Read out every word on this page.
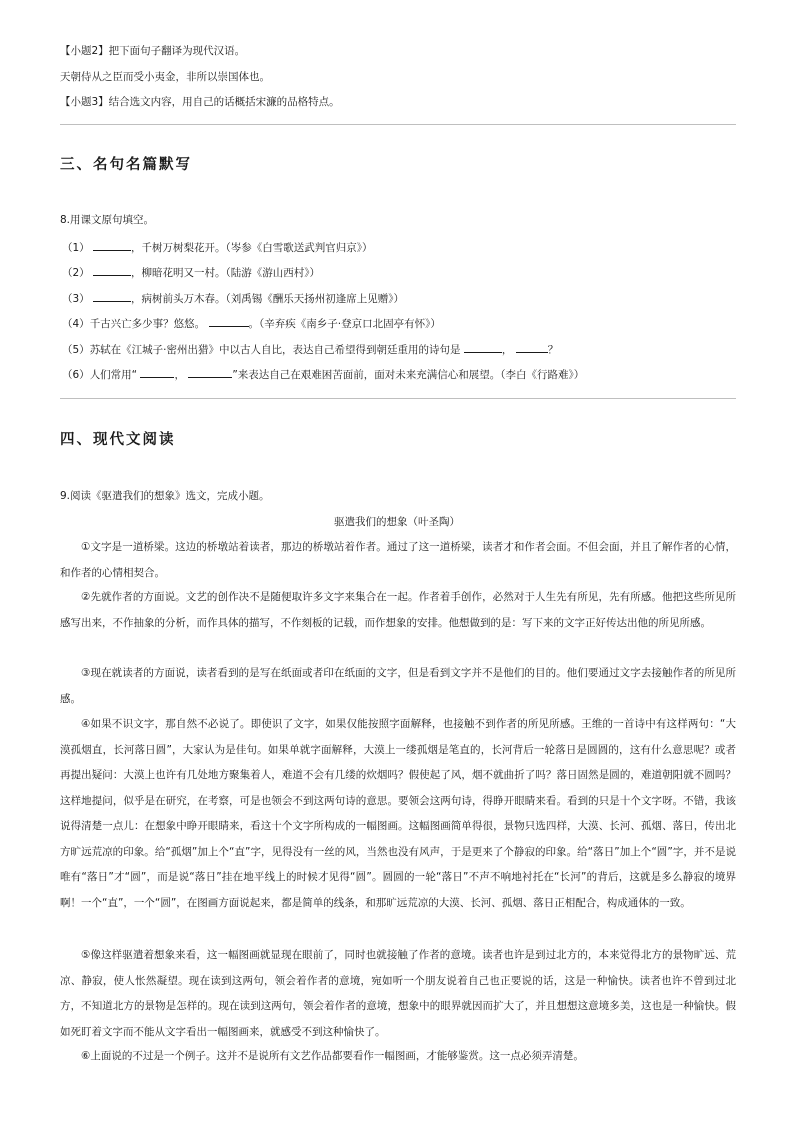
【小题2】把下面句子翻译为现代汉语。
天朝侍从之臣而受小夷金，非所以崇国体也。
【小题3】结合选文内容，用自己的话概括宋濂的品格特点。
三、名句名篇默写
8.用课文原句填空。
（1）	，千树万树梨花开。（岑参《白雪歌送武判官归京》）
（2）	，柳暗花明又一村。（陆游《游山西村》）
（3）	，病树前头万木春。（刘禹锡《酬乐天扬州初逢席上见赠》）
（4）千古兴亡多少事？悠悠。	。（辛弃疾《南乡子·登京口北固亭有怀》）
（5）苏轼在《江城子·密州出猎》中以古人自比，表达自己希望得到朝廷重用的诗句是	，	？
（6）人们常用“	，	”来表达自己在艰难困苦面前，面对未来充满信心和展望。（李白《行路难》）
四、现代文阅读
9.阅读《驱遣我们的想象》选文，完成小题。
驱遣我们的想象（叶圣陶）
①文字是一道桥梁。这边的桥墩站着读者，那边的桥墩站着作者。通过了这一道桥梁，读者才和作者会面。不但会面，并且了解作者的心情，和作者的心情相契合。
②先就作者的方面说。文艺的创作决不是随便取许多文字来集合在一起。作者着手创作，必然对于人生先有所见，先有所感。他把这些所见所感写出来，不作抽象的分析，而作具体的描写，不作刻板的记载，而作想象的安排。他想做到的是：写下来的文字正好传达出他的所见所感。
③现在就读者的方面说，读者看到的是写在纸面或者印在纸面的文字，但是看到文字并不是他们的目的。他们要通过文字去接触作者的所见所感。
④如果不识文字，那自然不必说了。即使识了文字，如果仅能按照字面解释，也接触不到作者的所见所感。王维的一首诗中有这样两句：“大漠孤烟直，长河落日圆”，大家认为是佳句。如果单就字面解释，大漠上一缕孤烟是笔直的，长河背后一轮落日是圆圆的，这有什么意思呢？或者再提出疑问：大漠上也许有几处地方聚集着人，难道不会有几缕的炊烟吗？假使起了风，烟不就曲折了吗？落日固然是圆的，难道朝阳就不圆吗？这样地提问，似乎是在研究，在考察，可是也领会不到这两句诗的意思。要领会这两句诗，得睁开眼睛来看。看到的只是十个文字呀。不错，我该说得清楚一点儿：在想象中睁开眼睛来，看这十个文字所构成的一幅图画。这幅图画简单得很，景物只选四样，大漠、长河、孤烟、落日，传出北方旷远荒凉的印象。给“孤烟”加上个“直”字，见得没有一丝的风，当然也没有风声，于是更来了个静寂的印象。给“落日”加上个“圆”字，并不是说唯有“落日”才“圆”，而是说“落日”挂在地平线上的时候才见得“圆”。圆圆的一轮“落日”不声不响地衬托在“长河”的背后，这就是多么静寂的境界啊！一个“直”，一个“圆”，在图画方面说起来，都是简单的线条，和那旷远荒凉的大漠、长河、孤烟、落日正相配合，构成通体的一致。
⑤像这样驱遣着想象来看，这一幅图画就显现在眼前了，同时也就接触了作者的意境。读者也许是到过北方的，本来觉得北方的景物旷远、荒凉、静寂，使人怅然凝望。现在读到这两句，领会着作者的意境，宛如听一个朋友说着自己也正要说的话，这是一种愉快。读者也许不曾到过北方，不知道北方的景物是怎样的。现在读到这两句，领会着作者的意境，想象中的眼界就因而扩大了，并且想想这意境多美，这也是一种愉快。假如死盯着文字而不能从文字看出一幅图画来，就感受不到这种愉快了。
⑥上面说的不过是一个例子。这并不是说所有文艺作品都要看作一幅图画，才能够鉴赏。这一点必须弄清楚。
